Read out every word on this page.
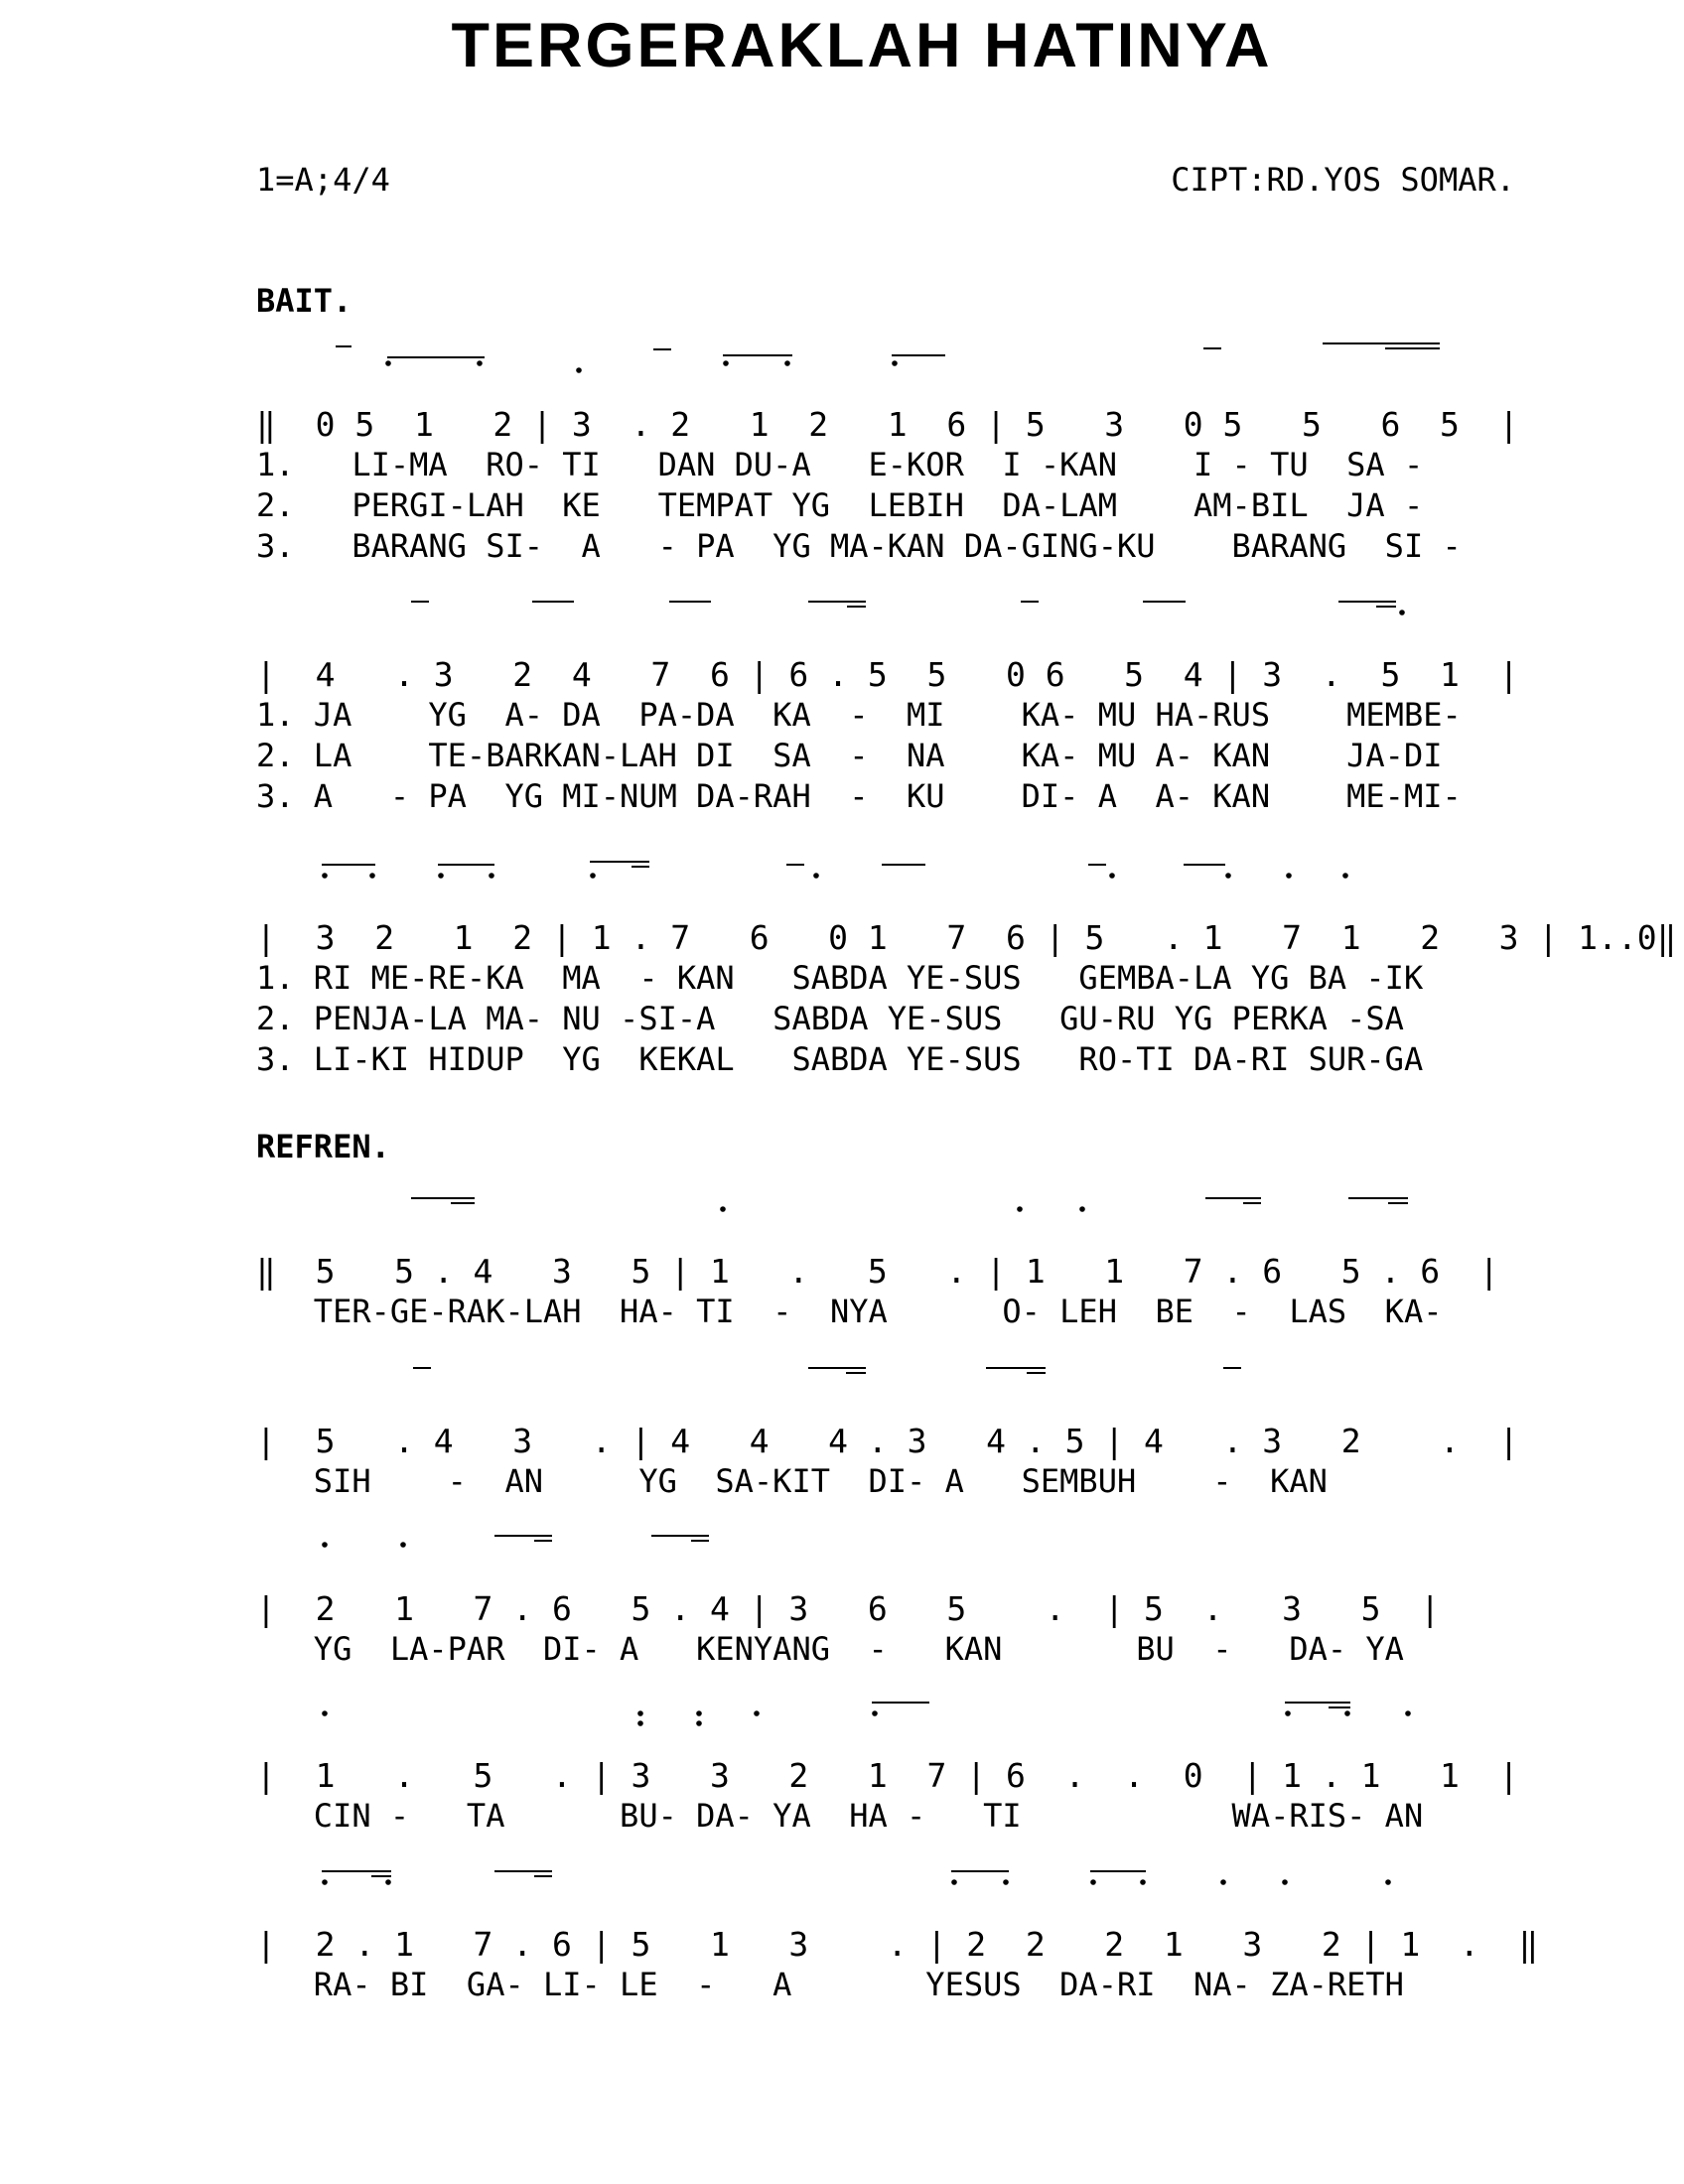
TERGERAKLAH HATINYA
1=A;4/4	CIPT:RD.YOS SOMAR.
BAIT.
‖  0 5  1   2 | 3  . 2   1  2   1  6 | 5   3   0 5   5   6  5  |
1.   LI-MA  RO- TI   DAN DU-A   E-KOR  I -KAN    I - TU  SA -
2.   PERGI-LAH  KE   TEMPAT YG  LEBIH  DA-LAM    AM-BIL  JA -
3.   BARANG SI-  A   - PA  YG MA-KAN DA-GING-KU    BARANG  SI -
|  4   . 3   2  4   7  6 | 6 . 5  5   0 6   5  4 | 3  .  5  1  |
1. JA    YG  A- DA  PA-DA  KA  -  MI    KA- MU HA-RUS    MEMBE-
2. LA    TE-BARKAN-LAH DI  SA  -  NA    KA- MU A- KAN    JA-DI
3. A   - PA  YG MI-NUM DA-RAH  -  KU    DI- A  A- KAN    ME-MI-
|  3  2   1  2 | 1 . 7   6   0 1   7  6 | 5   . 1   7  1   2   3 | 1..0‖
1. RI ME-RE-KA  MA  - KAN   SABDA YE-SUS   GEMBA-LA YG BA -IK
2. PENJA-LA MA- NU -SI-A   SABDA YE-SUS   GU-RU YG PERKA -SA
3. LI-KI HIDUP  YG  KEKAL   SABDA YE-SUS   RO-TI DA-RI SUR-GA
REFREN.
‖  5   5 . 4   3   5 | 1   .   5   . | 1   1   7 . 6   5 . 6  |
TER-GE-RAK-LAH  HA- TI  -  NYA      O- LEH  BE  -  LAS  KA-
|  5   . 4   3   . | 4   4   4 . 3   4 . 5 | 4   . 3   2    .  |
SIH    -  AN     YG  SA-KIT  DI- A   SEMBUH    -  KAN
|  2   1   7 . 6   5 . 4 | 3   6   5    .  | 5  .   3   5  |
YG  LA-PAR  DI- A   KENYANG  -   KAN       BU  -   DA- YA
|  1   .   5   . | 3   3   2   1  7 | 6  .  .  0  | 1 . 1   1  |
CIN -   TA      BU- DA- YA  HA -   TI           WA-RIS- AN
|  2 . 1   7 . 6 | 5   1   3    . | 2  2   2  1   3   2 | 1  .  ‖
RA- BI  GA- LI- LE  -   A       YESUS  DA-RI  NA- ZA-RETH
